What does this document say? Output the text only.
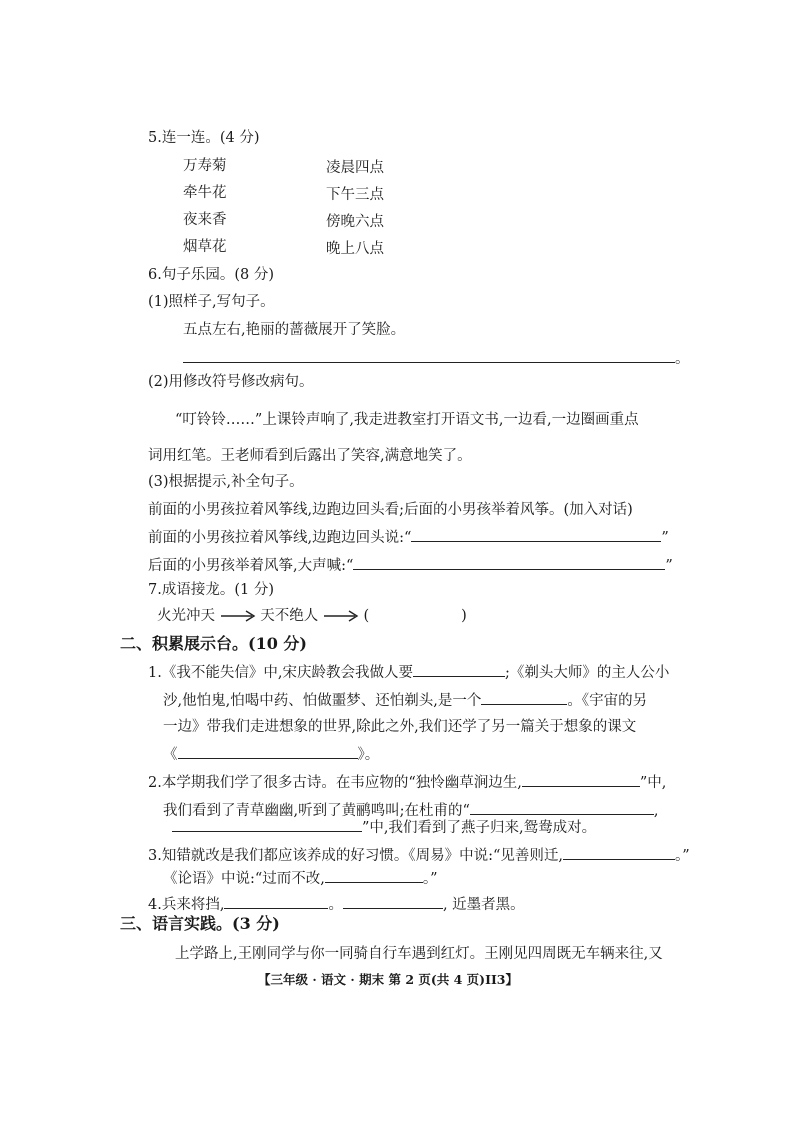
5.连一连。(4 分)
万寿菊	凌晨四点
牵牛花	下午三点
夜来香	傍晚六点
烟草花	晚上八点
6.句子乐园。(8 分)
(1)照样子,写句子。
五点左右,艳丽的蔷薇展开了笑脸。
。
(2)用修改符号修改病句。
“叮铃铃……”上课铃声响了,我走进教室打开语文书,一边看,一边圈画重点
词用红笔。王老师看到后露出了笑容,满意地笑了。
(3)根据提示,补全句子。
前面的小男孩拉着风筝线,边跑边回头看;后面的小男孩举着风筝。(加入对话)
前面的小男孩拉着风筝线,边跑边回头说:“	”
后面的小男孩举着风筝,大声喊:“	”
7.成语接龙。(1 分)
火光冲天	天不绝人	(	)
二、积累展示台。(10 分)
1.《我不能失信》中,宋庆龄教会我做人要	;《剃头大师》的主人公小
沙,他怕鬼,怕喝中药、怕做噩梦、还怕剃头,是一个	。《宇宙的另
一边》带我们走进想象的世界,除此之外,我们还学了另一篇关于想象的课文
《	》。
2.本学期我们学了很多古诗。在韦应物的“独怜幽草涧边生,	”中,
我们看到了青草幽幽,听到了黄鹂鸣叫;在杜甫的“	,
”中,我们看到了燕子归来,鸳鸯成对。
3.知错就改是我们都应该养成的好习惯。《周易》中说:“见善则迁,	。”
《论语》中说:“过而不改,	。”
4.兵来将挡,	。	, 近墨者黑。
三、语言实践。(3 分)
上学路上,王刚同学与你一同骑自行车遇到红灯。王刚见四周既无车辆来往,又
【三年级 · 语文 · 期末 第 2 页(共 4 页)II3】
